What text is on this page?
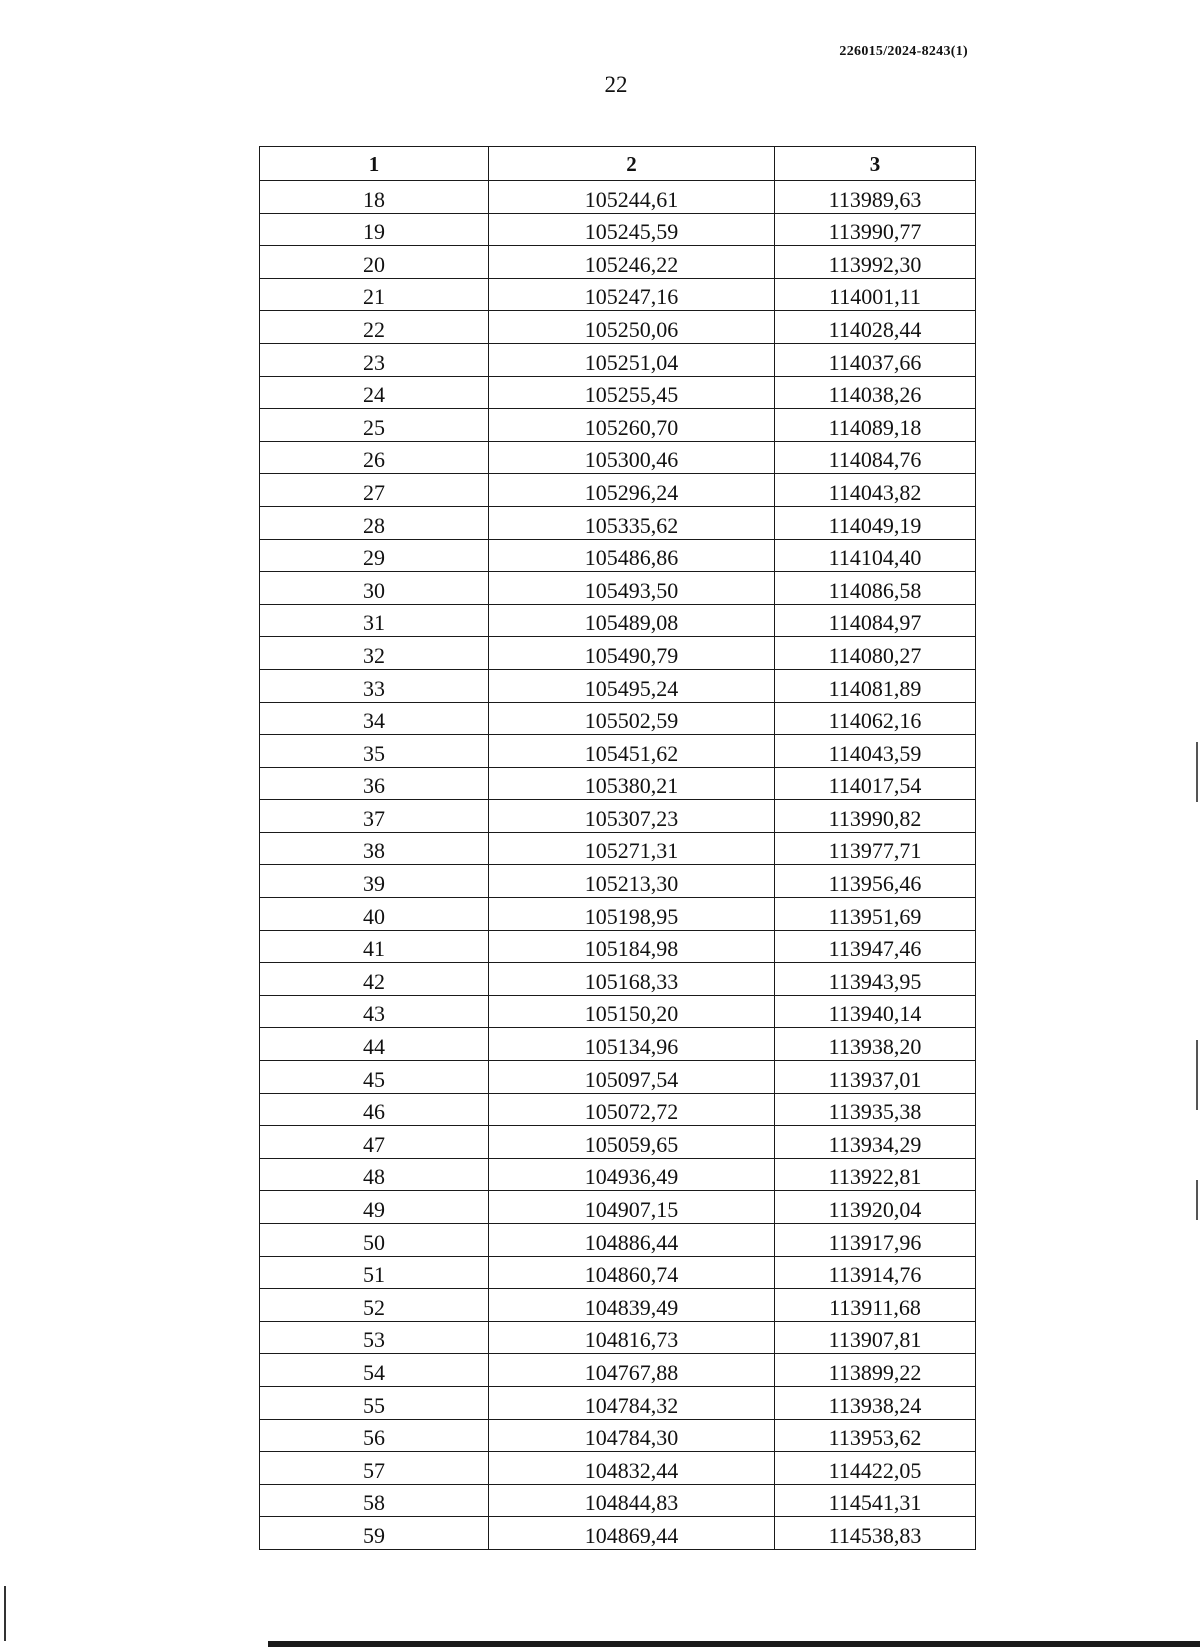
226015/2024-8243(1)
22
1	2	3
18	105244,61	113989,63
19	105245,59	113990,77
20	105246,22	113992,30
21	105247,16	114001,11
22	105250,06	114028,44
23	105251,04	114037,66
24	105255,45	114038,26
25	105260,70	114089,18
26	105300,46	114084,76
27	105296,24	114043,82
28	105335,62	114049,19
29	105486,86	114104,40
30	105493,50	114086,58
31	105489,08	114084,97
32	105490,79	114080,27
33	105495,24	114081,89
34	105502,59	114062,16
35	105451,62	114043,59
36	105380,21	114017,54
37	105307,23	113990,82
38	105271,31	113977,71
39	105213,30	113956,46
40	105198,95	113951,69
41	105184,98	113947,46
42	105168,33	113943,95
43	105150,20	113940,14
44	105134,96	113938,20
45	105097,54	113937,01
46	105072,72	113935,38
47	105059,65	113934,29
48	104936,49	113922,81
49	104907,15	113920,04
50	104886,44	113917,96
51	104860,74	113914,76
52	104839,49	113911,68
53	104816,73	113907,81
54	104767,88	113899,22
55	104784,32	113938,24
56	104784,30	113953,62
57	104832,44	114422,05
58	104844,83	114541,31
59	104869,44	114538,83
